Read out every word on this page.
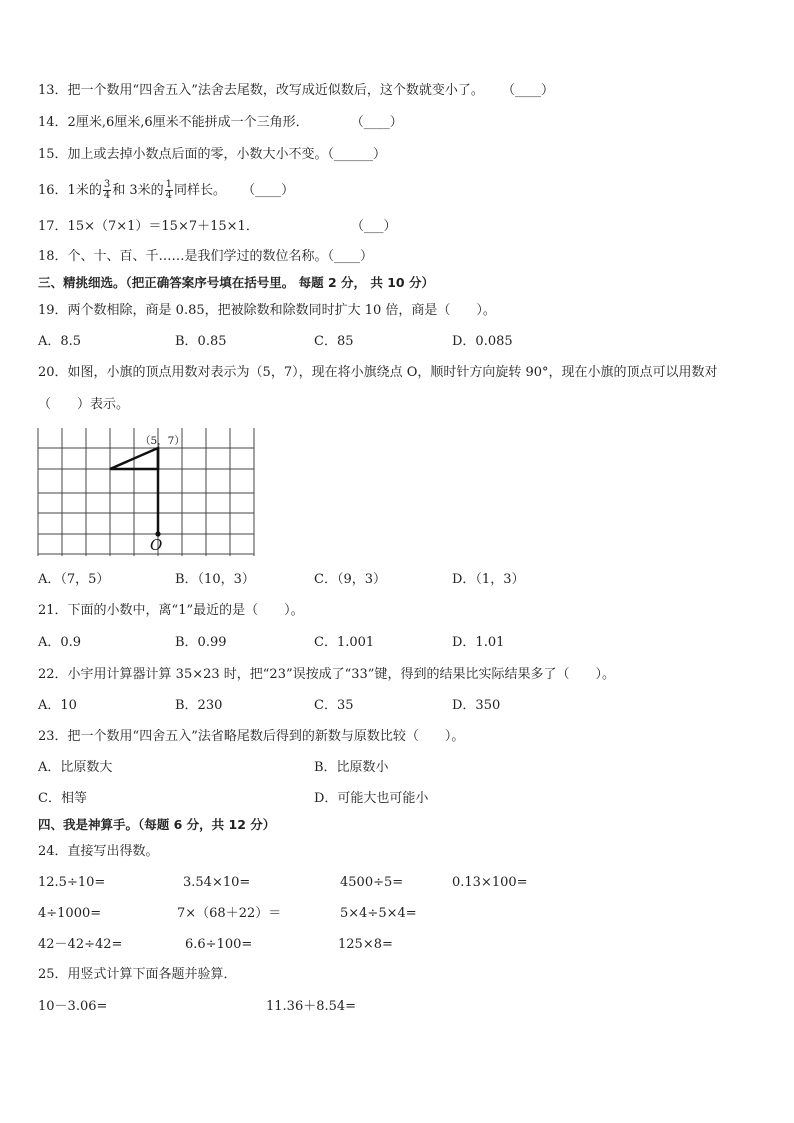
13．把一个数用“四舍五入”法舍去尾数，改写成近似数后，这个数就变小了。 （____）
14．2厘米,6厘米,6厘米不能拼成一个三角形．	（____）
15．加上或去掉小数点后面的零，小数大小不变。（______）
16．1米的 $\frac{3}{4}$ 和 3米的 $\frac{1}{4}$ 同样长。 （____）
17．15×（7×1）＝15×7＋15×1．	（___）
18．个、十、百、千……是我们学过的数位名称。（____）
三、精挑细选。（把正确答案序号填在括号里。 每题 2 分， 共 10 分）
19．两个数相除，商是 0.85，把被除数和除数同时扩大 10 倍，商是（　　）。
A．8.5	B．0.85	C．85	D．0.085
20．如图，小旗的顶点用数对表示为（5，7），现在将小旗绕点 O，顺时针方向旋转 90°，现在小旗的顶点可以用数对
（　　）表示。
（5，7）
O
A．（7，5）	B．（10，3）	C．（9，3）	D．（1，3）
21．下面的小数中，离“1”最近的是（　　）。
A．0.9	B．0.99	C．1.001	D．1.01
22．小宇用计算器计算 35×23 时，把“23”误按成了“33”键，得到的结果比实际结果多了（　　）。
A．10	B．230	C．35	D．350
23．把一个数用“四舍五入”法省略尾数后得到的新数与原数比较（　　）。
A．比原数大	B．比原数小
C．相等	D．可能大也可能小
四、我是神算手。（每题 6 分，共 12 分）
24．直接写出得数。
12.5÷10=	3.54×10=	4500÷5=	0.13×100=
4÷1000=	7×（68＋22）＝	5×4÷5×4=
42－42÷42=	6.6÷100=	125×8=
25．用竖式计算下面各题并验算．
10－3.06=	11.36＋8.54=
